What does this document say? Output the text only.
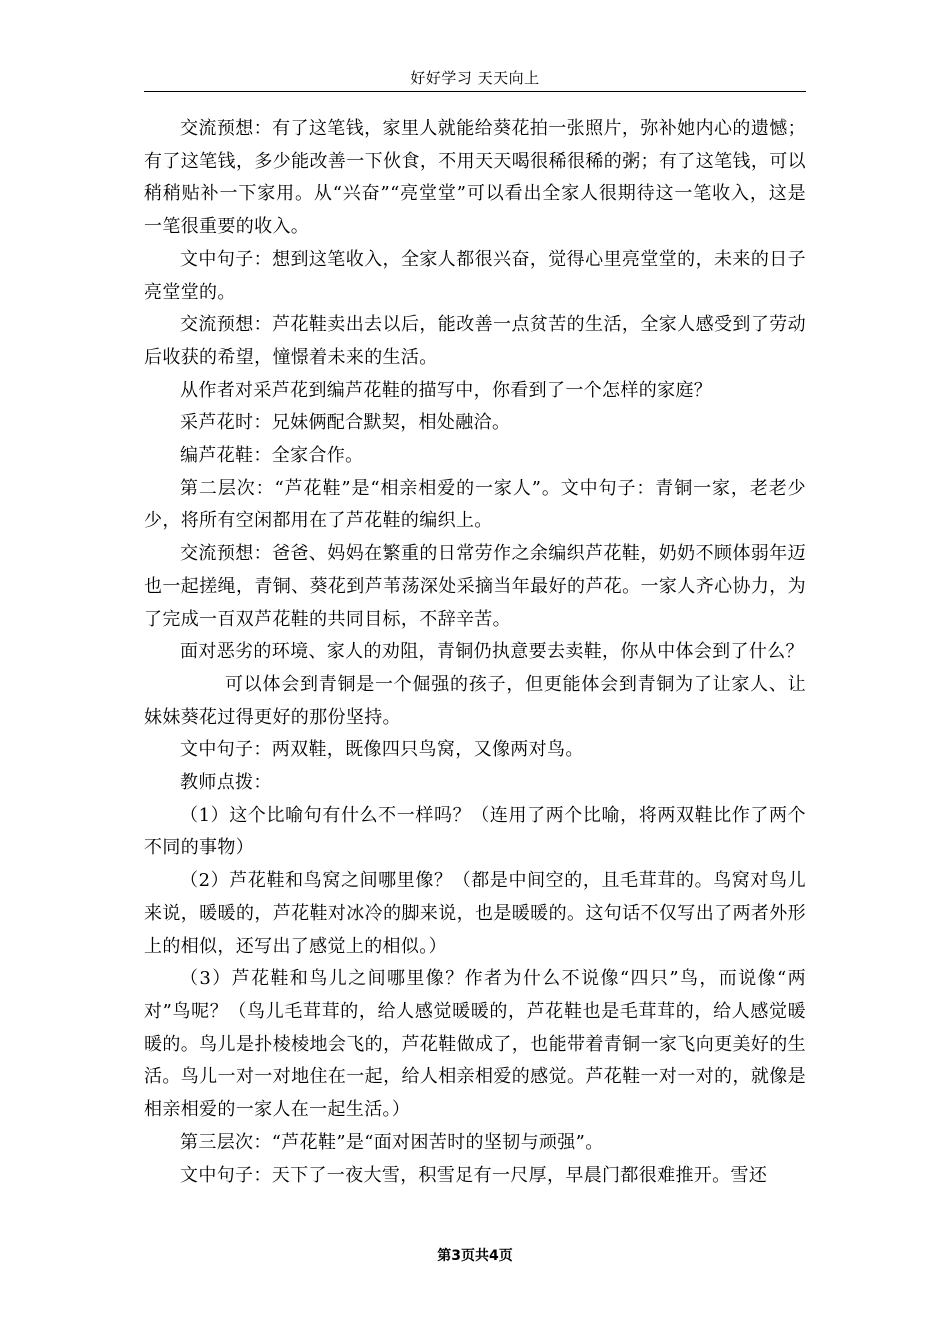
好好学习 天天向上

交流预想：有了这笔钱，家里人就能给葵花拍一张照片，弥补她内心的遗憾；有了这笔钱，多少能改善一下伙食，不用天天喝很稀很稀的粥；有了这笔钱，可以稍稍贴补一下家用。从“兴奋”“亮堂堂”可以看出全家人很期待这一笔收入，这是一笔很重要的收入。

文中句子：想到这笔收入，全家人都很兴奋，觉得心里亮堂堂的，未来的日子亮堂堂的。

交流预想：芦花鞋卖出去以后，能改善一点贫苦的生活，全家人感受到了劳动后收获的希望，憧憬着未来的生活。

从作者对采芦花到编芦花鞋的描写中，你看到了一个怎样的家庭？

采芦花时：兄妹俩配合默契，相处融洽。

编芦花鞋：全家合作。

第二层次：“芦花鞋”是“相亲相爱的一家人”。文中句子：青铜一家，老老少少，将所有空闲都用在了芦花鞋的编织上。

交流预想：爸爸、妈妈在繁重的日常劳作之余编织芦花鞋，奶奶不顾体弱年迈也一起搓绳，青铜、葵花到芦苇荡深处采摘当年最好的芦花。一家人齐心协力，为了完成一百双芦花鞋的共同目标，不辞辛苦。

面对恶劣的环境、家人的劝阻，青铜仍执意要去卖鞋，你从中体会到了什么？

可以体会到青铜是一个倔强的孩子，但更能体会到青铜为了让家人、让妹妹葵花过得更好的那份坚持。

文中句子：两双鞋，既像四只鸟窝，又像两对鸟。

教师点拨：

（1）这个比喻句有什么不一样吗？（连用了两个比喻，将两双鞋比作了两个不同的事物）

（2）芦花鞋和鸟窝之间哪里像？（都是中间空的，且毛茸茸的。鸟窝对鸟儿来说，暖暖的，芦花鞋对冰冷的脚来说，也是暖暖的。这句话不仅写出了两者外形上的相似，还写出了感觉上的相似。）

（3）芦花鞋和鸟儿之间哪里像？作者为什么不说像“四只”鸟，而说像“两对”鸟呢？（鸟儿毛茸茸的，给人感觉暖暖的，芦花鞋也是毛茸茸的，给人感觉暖暖的。鸟儿是扑棱棱地会飞的，芦花鞋做成了，也能带着青铜一家飞向更美好的生活。鸟儿一对一对地住在一起，给人相亲相爱的感觉。芦花鞋一对一对的，就像是相亲相爱的一家人在一起生活。）

第三层次：“芦花鞋”是“面对困苦时的坚韧与顽强”。

文中句子：天下了一夜大雪，积雪足有一尺厚，早晨门都很难推开。雪还

第3页共4页
